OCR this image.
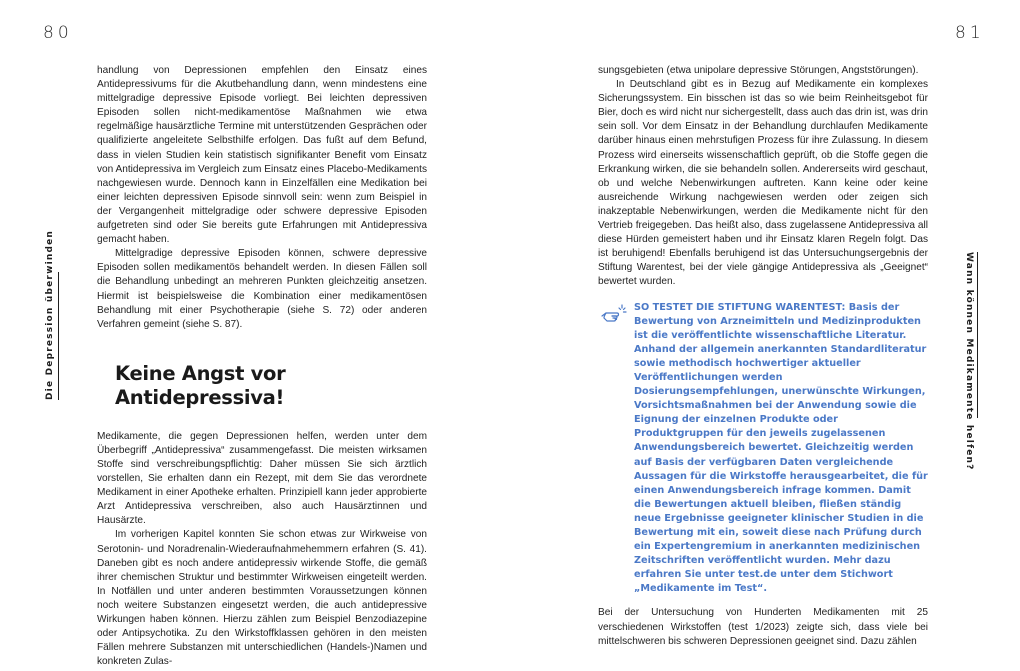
80	81
Die Depression überwinden	Wann können Medikamente helfen?

handlung von Depressionen empfehlen den Einsatz eines Antidepressivums für die Akutbehandlung dann, wenn mindestens eine mittelgradige depressive Episode vorliegt. Bei leichten depressiven Episoden sollen nicht-medikamentöse Maßnahmen wie etwa regelmäßige hausärztliche Termine mit unterstützenden Gesprächen oder qualifizierte angeleitete Selbsthilfe erfolgen. Das fußt auf dem Befund, dass in vielen Studien kein statistisch signifikanter Benefit vom Einsatz von Antidepressiva im Vergleich zum Einsatz eines Placebo-Medikaments nachgewiesen wurde. Dennoch kann in Einzelfällen eine Medikation bei einer leichten depressiven Episode sinnvoll sein: wenn zum Beispiel in der Vergangenheit mittelgradige oder schwere depressive Episoden aufgetreten sind oder Sie bereits gute Erfahrungen mit Antidepressiva gemacht haben.

Mittelgradige depressive Episoden können, schwere depressive Episoden sollen medikamentös behandelt werden. In diesen Fällen soll die Behandlung unbedingt an mehreren Punkten gleichzeitig ansetzen. Hiermit ist beispielsweise die Kombination einer medikamentösen Behandlung mit einer Psychotherapie (siehe S. 72) oder anderen Verfahren gemeint (siehe S. 87).

Keine Angst vor Antidepressiva!

Medikamente, die gegen Depressionen helfen, werden unter dem Überbegriff „Antidepressiva“ zusammengefasst. Die meisten wirksamen Stoffe sind verschreibungspflichtig: Daher müssen Sie sich ärztlich vorstellen, Sie erhalten dann ein Rezept, mit dem Sie das verordnete Medikament in einer Apotheke erhalten. Prinzipiell kann jeder approbierte Arzt Antidepressiva verschreiben, also auch Hausärztinnen und Hausärzte.

Im vorherigen Kapitel konnten Sie schon etwas zur Wirkweise von Serotonin- und Noradrenalin-Wiederaufnahmehemmern erfahren (S. 41). Daneben gibt es noch andere antidepressiv wirkende Stoffe, die gemäß ihrer chemischen Struktur und bestimmter Wirkweisen eingeteilt werden. In Notfällen und unter anderen bestimmten Voraussetzungen können noch weitere Substanzen eingesetzt werden, die auch antidepressive Wirkungen haben können. Hierzu zählen zum Beispiel Benzodiazepine oder Antipsychotika. Zu den Wirkstoffklassen gehören in den meisten Fällen mehrere Substanzen mit unterschiedlichen (Handels-)Namen und konkreten Zulas-

sungsgebieten (etwa unipolare depressive Störungen, Angststörungen).

In Deutschland gibt es in Bezug auf Medikamente ein komplexes Sicherungssystem. Ein bisschen ist das so wie beim Reinheitsgebot für Bier, doch es wird nicht nur sichergestellt, dass auch das drin ist, was drin sein soll. Vor dem Einsatz in der Behandlung durchlaufen Medikamente darüber hinaus einen mehrstufigen Prozess für ihre Zulassung. In diesem Prozess wird einerseits wissenschaftlich geprüft, ob die Stoffe gegen die Erkrankung wirken, die sie behandeln sollen. Andererseits wird geschaut, ob und welche Nebenwirkungen auftreten. Kann keine oder keine ausreichende Wirkung nachgewiesen werden oder zeigen sich inakzeptable Nebenwirkungen, werden die Medikamente nicht für den Vertrieb freigegeben. Das heißt also, dass zugelassene Antidepressiva all diese Hürden gemeistert haben und ihr Einsatz klaren Regeln folgt. Das ist beruhigend! Ebenfalls beruhigend ist das Untersuchungsergebnis der Stiftung Warentest, bei der viele gängige Antidepressiva als „Geeignet“ bewertet wurden.

SO TESTET DIE STIFTUNG WARENTEST: Basis der Bewertung von Arzneimitteln und Medizinprodukten ist die veröffentlichte wissenschaftliche Literatur. Anhand der allgemein anerkannten Standardliteratur sowie methodisch hochwertiger aktueller Veröffentlichungen werden Dosierungsempfehlungen, unerwünschte Wirkungen, Vorsichtsmaßnahmen bei der Anwendung sowie die Eignung der einzelnen Produkte oder Produktgruppen für den jeweils zugelassenen Anwendungsbereich bewertet. Gleichzeitig werden auf Basis der verfügbaren Daten vergleichende Aussagen für die Wirkstoffe herausgearbeitet, die für einen Anwendungsbereich infrage kommen. Damit die Bewertungen aktuell bleiben, fließen ständig neue Ergebnisse geeigneter klinischer Studien in die Bewertung mit ein, soweit diese nach Prüfung durch ein Expertengremium in anerkannten medizinischen Zeitschriften veröffentlicht wurden. Mehr dazu erfahren Sie unter test.de unter dem Stichwort „Medikamente im Test“.

Bei der Untersuchung von Hunderten Medikamenten mit 25 verschiedenen Wirkstoffen (test 1/2023) zeigte sich, dass viele bei mittelschweren bis schweren Depressionen geeignet sind. Dazu zählen
